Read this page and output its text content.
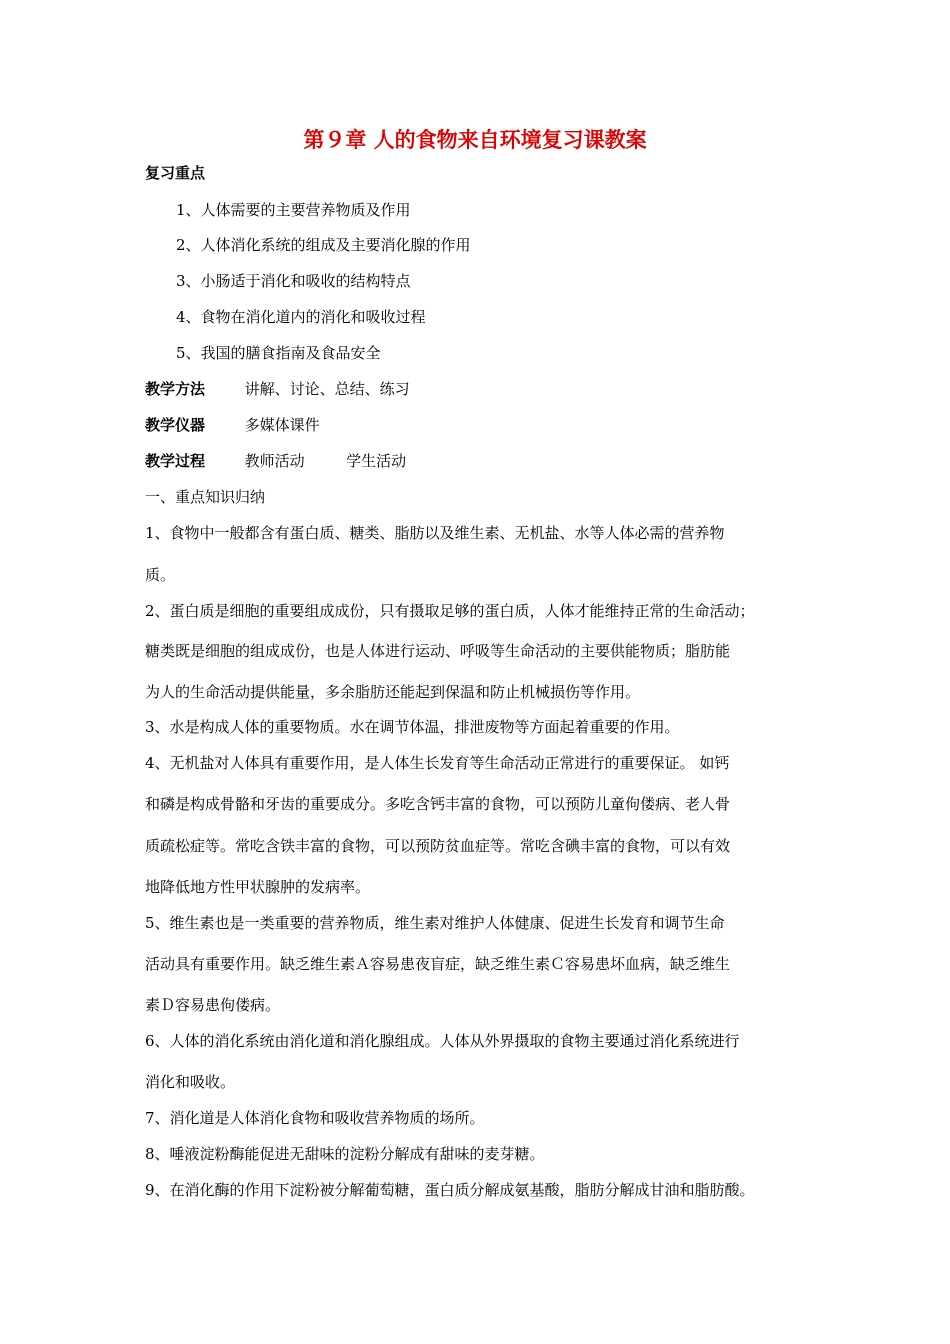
第９章 人的食物来自环境复习课教案
复习重点
1、人体需要的主要营养物质及作用
2、人体消化系统的组成及主要消化腺的作用
3、小肠适于消化和吸收的结构特点
4、食物在消化道内的消化和吸收过程
5、我国的膳食指南及食品安全
教学方法	讲解、讨论、总结、练习
教学仪器	多媒体课件
教学过程	教师活动	学生活动
一、重点知识归纳
1、食物中一般都含有蛋白质、糖类、脂肪以及维生素、无机盐、水等人体必需的营养物
质。
2、蛋白质是细胞的重要组成成份，只有摄取足够的蛋白质，人体才能维持正常的生命活动；
糖类既是细胞的组成成份，也是人体进行运动、呼吸等生命活动的主要供能物质；脂肪能
为人的生命活动提供能量，多余脂肪还能起到保温和防止机械损伤等作用。
3、水是构成人体的重要物质。水在调节体温，排泄废物等方面起着重要的作用。
4、无机盐对人体具有重要作用，是人体生长发育等生命活动正常进行的重要保证。 如钙
和磷是构成骨骼和牙齿的重要成分。多吃含钙丰富的食物，可以预防儿童佝偻病、老人骨
质疏松症等。常吃含铁丰富的食物，可以预防贫血症等。常吃含碘丰富的食物，可以有效
地降低地方性甲状腺肿的发病率。
5、维生素也是一类重要的营养物质，维生素对维护人体健康、促进生长发育和调节生命
活动具有重要作用。缺乏维生素Ａ容易患夜盲症，缺乏维生素Ｃ容易患坏血病，缺乏维生
素Ｄ容易患佝偻病。
6、人体的消化系统由消化道和消化腺组成。人体从外界摄取的食物主要通过消化系统进行
消化和吸收。
7、消化道是人体消化食物和吸收营养物质的场所。
8、唾液淀粉酶能促进无甜味的淀粉分解成有甜味的麦芽糖。
9、在消化酶的作用下淀粉被分解葡萄糖，蛋白质分解成氨基酸，脂肪分解成甘油和脂肪酸。
